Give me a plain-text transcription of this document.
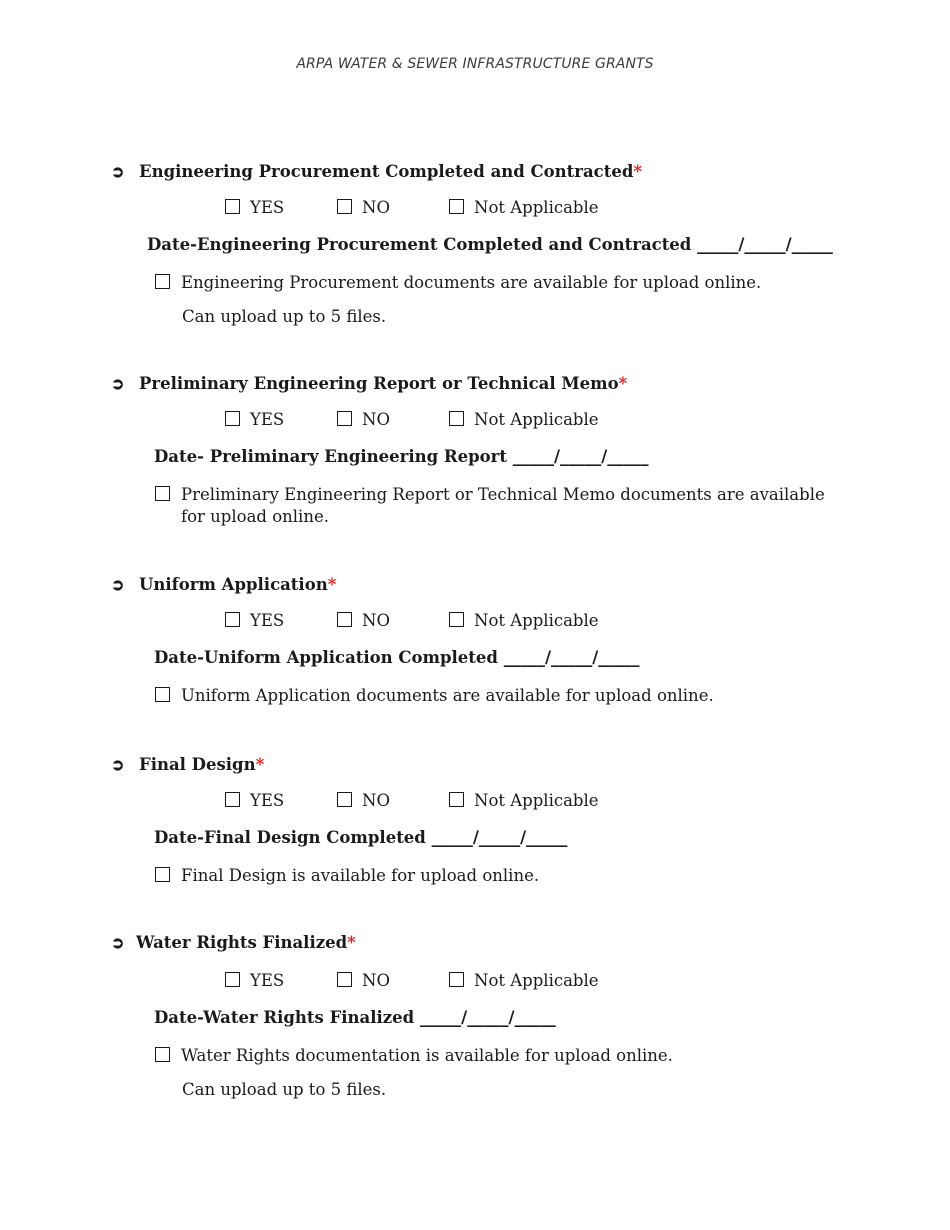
ARPA WATER & SEWER INFRASTRUCTURE GRANTS
➲ Engineering Procurement Completed and Contracted *
YES	NO	Not Applicable
Date-Engineering Procurement Completed and Contracted _____/_____/_____
Engineering Procurement documents are available for upload online.
Can upload up to 5 files.
➲ Preliminary Engineering Report or Technical Memo *
YES	NO	Not Applicable
Date- Preliminary Engineering Report _____/_____/_____
Preliminary Engineering Report or Technical Memo documents are available for upload online.
➲ Uniform Application *
YES	NO	Not Applicable
Date-Uniform Application Completed _____/_____/_____
Uniform Application documents are available for upload online.
➲ Final Design *
YES	NO	Not Applicable
Date-Final Design Completed _____/_____/_____
Final Design is available for upload online.
➲ Water Rights Finalized *
YES	NO	Not Applicable
Date-Water Rights Finalized _____/_____/_____
Water Rights documentation is available for upload online.
Can upload up to 5 files.
